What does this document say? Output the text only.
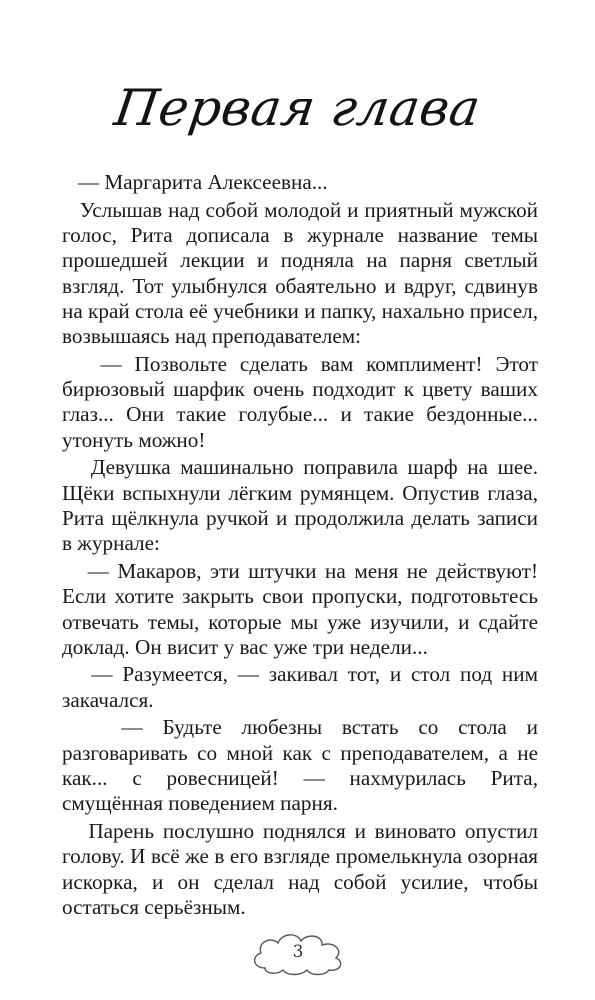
Первая глава

— Маргарита Алексеевна...

Услышав над собой молодой и приятный мужской голос, Рита дописала в журнале название темы прошедшей лекции и подняла на парня светлый взгляд. Тот улыбнулся обаятельно и вдруг, сдвинув на край стола её учебники и папку, нахально присел, возвышаясь над преподавателем:

— Позвольте сделать вам комплимент! Этот бирюзовый шарфик очень подходит к цвету ваших глаз... Они такие голубые... и такие бездонные... утонуть можно!

Девушка машинально поправила шарф на шее. Щёки вспыхнули лёгким румянцем. Опустив глаза, Рита щёлкнула ручкой и продолжила делать записи в журнале:

— Макаров, эти штучки на меня не действуют! Если хотите закрыть свои пропуски, подготовьтесь отвечать темы, которые мы уже изучили, и сдайте доклад. Он висит у вас уже три недели...

— Разумеется, — закивал тот, и стол под ним закачался.

— Будьте любезны встать со стола и разговаривать со мной как с преподавателем, а не как... с ровесницей! — нахмурилась Рита, смущённая поведением парня.

Парень послушно поднялся и виновато опустил голову. И всё же в его взгляде промелькнула озорная искорка, и он сделал над собой усилие, чтобы остаться серьёзным.

3
